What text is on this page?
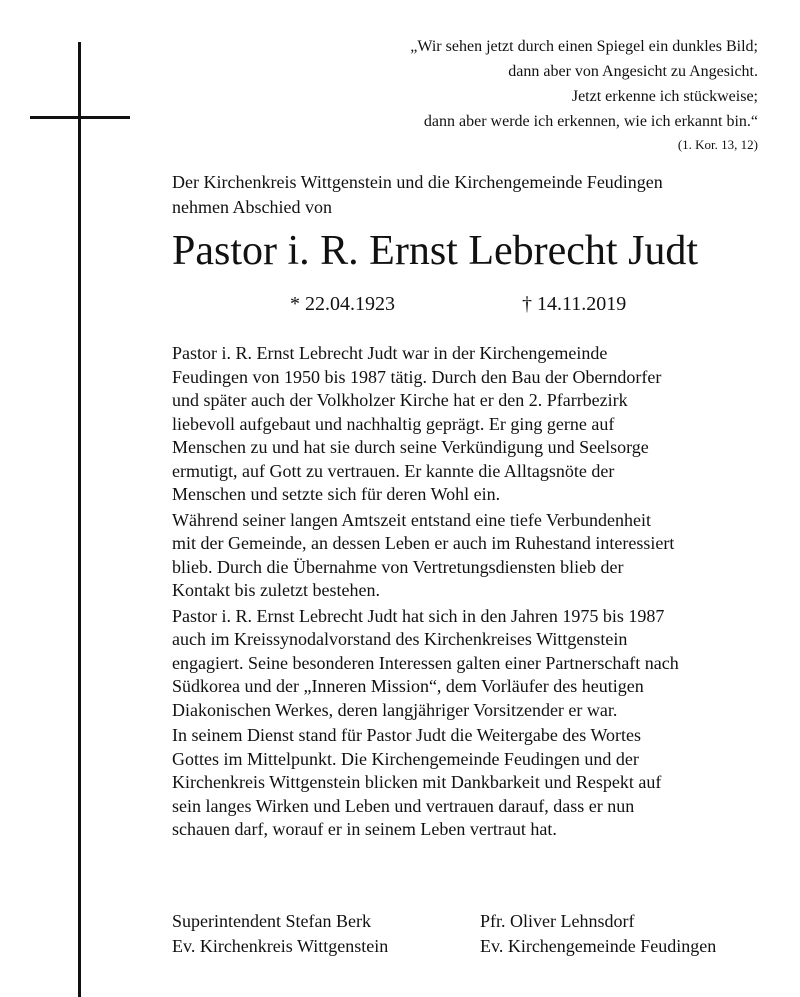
„Wir sehen jetzt durch einen Spiegel ein dunkles Bild;
dann aber von Angesicht zu Angesicht.
Jetzt erkenne ich stückweise;
dann aber werde ich erkennen, wie ich erkannt bin.“
(1. Kor. 13, 12)
Der Kirchenkreis Wittgenstein und die Kirchengemeinde Feudingen
nehmen Abschied von
Pastor i. R. Ernst Lebrecht Judt
* 22.04.1923	† 14.11.2019

Pastor i. R. Ernst Lebrecht Judt war in der Kirchengemeinde
Feudingen von 1950 bis 1987 tätig. Durch den Bau der Oberndorfer
und später auch der Volkholzer Kirche hat er den 2. Pfarrbezirk
liebevoll aufgebaut und nachhaltig geprägt. Er ging gerne auf
Menschen zu und hat sie durch seine Verkündigung und Seelsorge
ermutigt, auf Gott zu vertrauen. Er kannte die Alltagsnöte der
Menschen und setzte sich für deren Wohl ein.

Während seiner langen Amtszeit entstand eine tiefe Verbundenheit
mit der Gemeinde, an dessen Leben er auch im Ruhestand interessiert
blieb. Durch die Übernahme von Vertretungsdiensten blieb der
Kontakt bis zuletzt bestehen.

Pastor i. R. Ernst Lebrecht Judt hat sich in den Jahren 1975 bis 1987
auch im Kreissynodalvorstand des Kirchenkreises Wittgenstein
engagiert. Seine besonderen Interessen galten einer Partnerschaft nach
Südkorea und der „Inneren Mission“, dem Vorläufer des heutigen
Diakonischen Werkes, deren langjähriger Vorsitzender er war.

In seinem Dienst stand für Pastor Judt die Weitergabe des Wortes
Gottes im Mittelpunkt. Die Kirchengemeinde Feudingen und der
Kirchenkreis Wittgenstein blicken mit Dankbarkeit und Respekt auf
sein langes Wirken und Leben und vertrauen darauf, dass er nun
schauen darf, worauf er in seinem Leben vertraut hat.

Superintendent Stefan Berk
Ev. Kirchenkreis Wittgenstein
Pfr. Oliver Lehnsdorf
Ev. Kirchengemeinde Feudingen
